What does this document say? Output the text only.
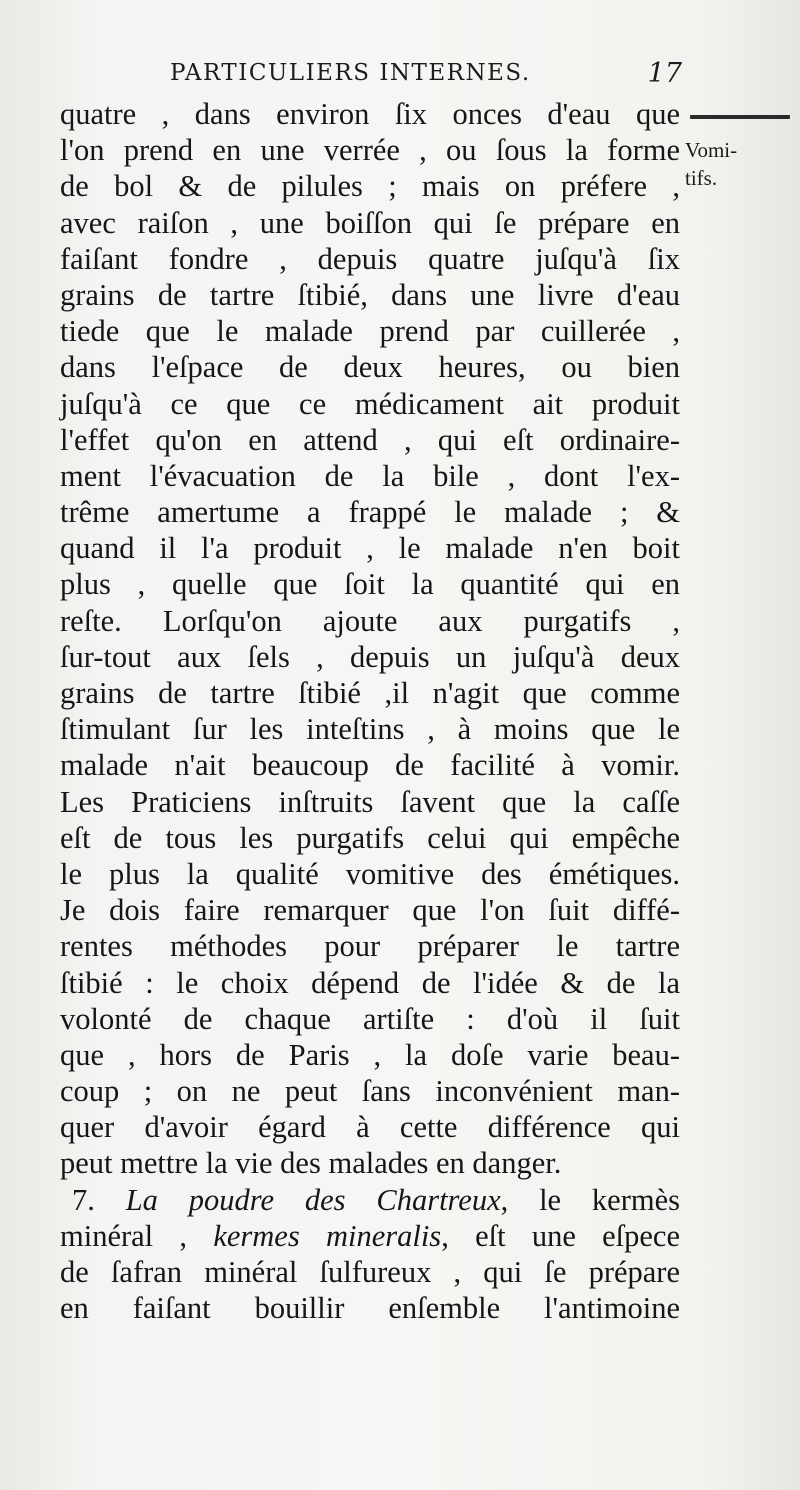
PARTICULIERS INTERNES.	17
Vomi-
tifs.
quatre , dans environ ſix onces d'eau que
l'on prend en une verrée , ou ſous la forme
de bol & de pilules ; mais on préfere ,
avec raiſon , une boiſſon qui ſe prépare en
faiſant fondre , depuis quatre juſqu'à ſix
grains de tartre ſtibié, dans une livre d'eau
tiede que le malade prend par cuillerée ,
dans l'eſpace de deux heures, ou bien
juſqu'à ce que ce médicament ait produit
l'effet qu'on en attend , qui eſt ordinaire-
ment l'évacuation de la bile , dont l'ex-
trême amertume a frappé le malade ; &
quand il l'a produit , le malade n'en boit
plus , quelle que ſoit la quantité qui en
reſte. Lorſqu'on ajoute aux purgatifs ,
ſur-tout aux ſels , depuis un juſqu'à deux
grains de tartre ſtibié ,il n'agit que comme
ſtimulant ſur les inteſtins , à moins que le
malade n'ait beaucoup de facilité à vomir.
Les Praticiens inſtruits ſavent que la caſſe
eſt de tous les purgatifs celui qui empêche
le plus la qualité vomitive des émétiques.
Je dois faire remarquer que l'on ſuit diffé-
rentes méthodes pour préparer le tartre
ſtibié : le choix dépend de l'idée & de la
volonté de chaque artiſte : d'où il ſuit
que , hors de Paris , la doſe varie beau-
coup ; on ne peut ſans inconvénient man-
quer d'avoir égard à cette différence qui
peut mettre la vie des malades en danger.
7. La poudre des Chartreux, le kermès
minéral , kermes mineralis, eſt une eſpece
de ſafran minéral ſulfureux , qui ſe prépare
en faiſant bouillir enſemble l'antimoine
